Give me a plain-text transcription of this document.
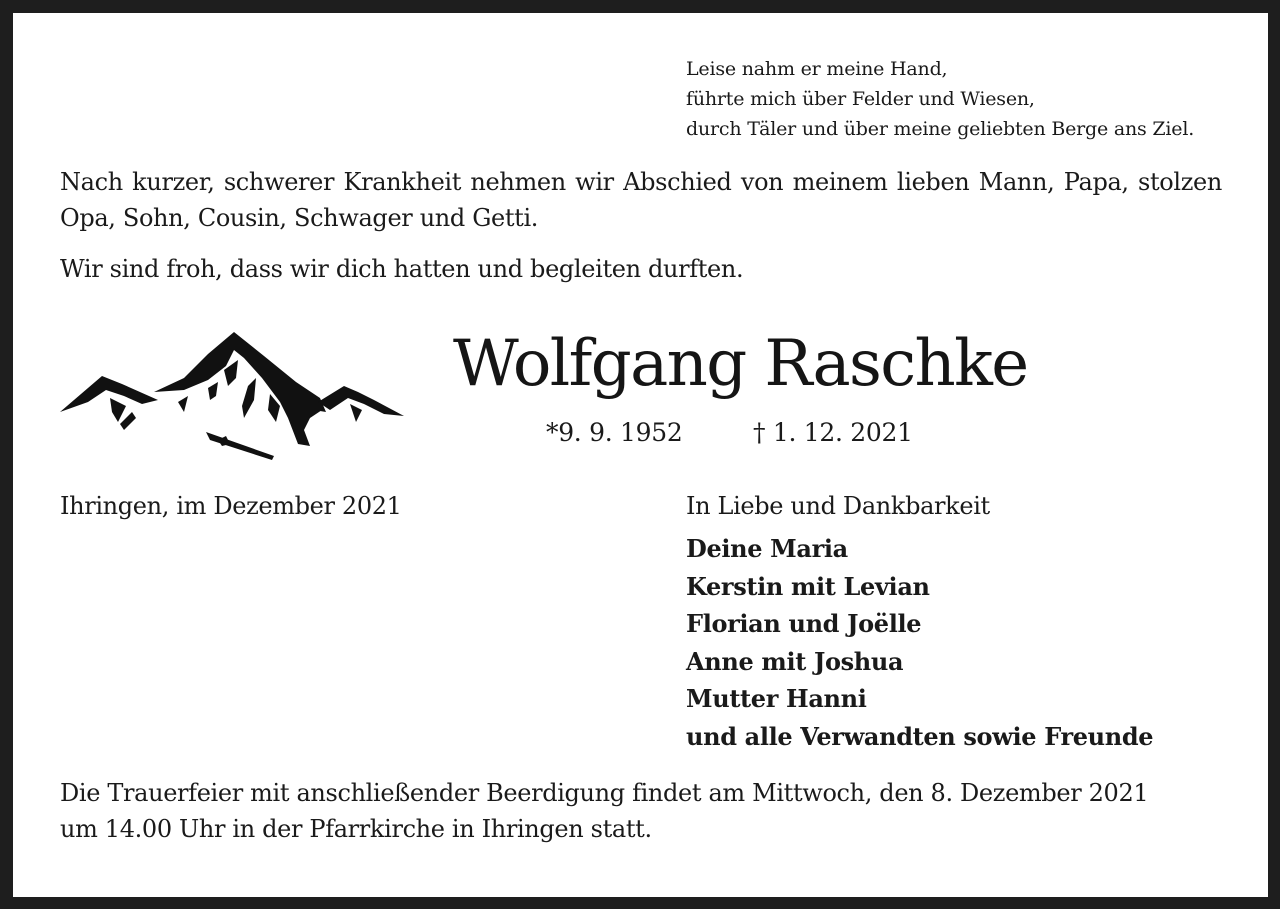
Leise nahm er meine Hand,
führte mich über Felder und Wiesen,
durch Täler und über meine geliebten Berge ans Ziel.
Nach kurzer, schwerer Krankheit nehmen wir Abschied von meinem lieben Mann, Papa, stolzen Opa, Sohn, Cousin, Schwager und Getti.
Wir sind froh, dass wir dich hatten und begleiten durften.
Wolfgang Raschke
*9. 9. 1952	† 1. 12. 2021
Ihringen, im Dezember 2021	In Liebe und Dankbarkeit
Deine Maria
Kerstin mit Levian
Florian und Joëlle
Anne mit Joshua
Mutter Hanni
und alle Verwandten sowie Freunde
Die Trauerfeier mit anschließender Beerdigung findet am Mittwoch, den 8. Dezember 2021
um 14.00 Uhr in der Pfarrkirche in Ihringen statt.
